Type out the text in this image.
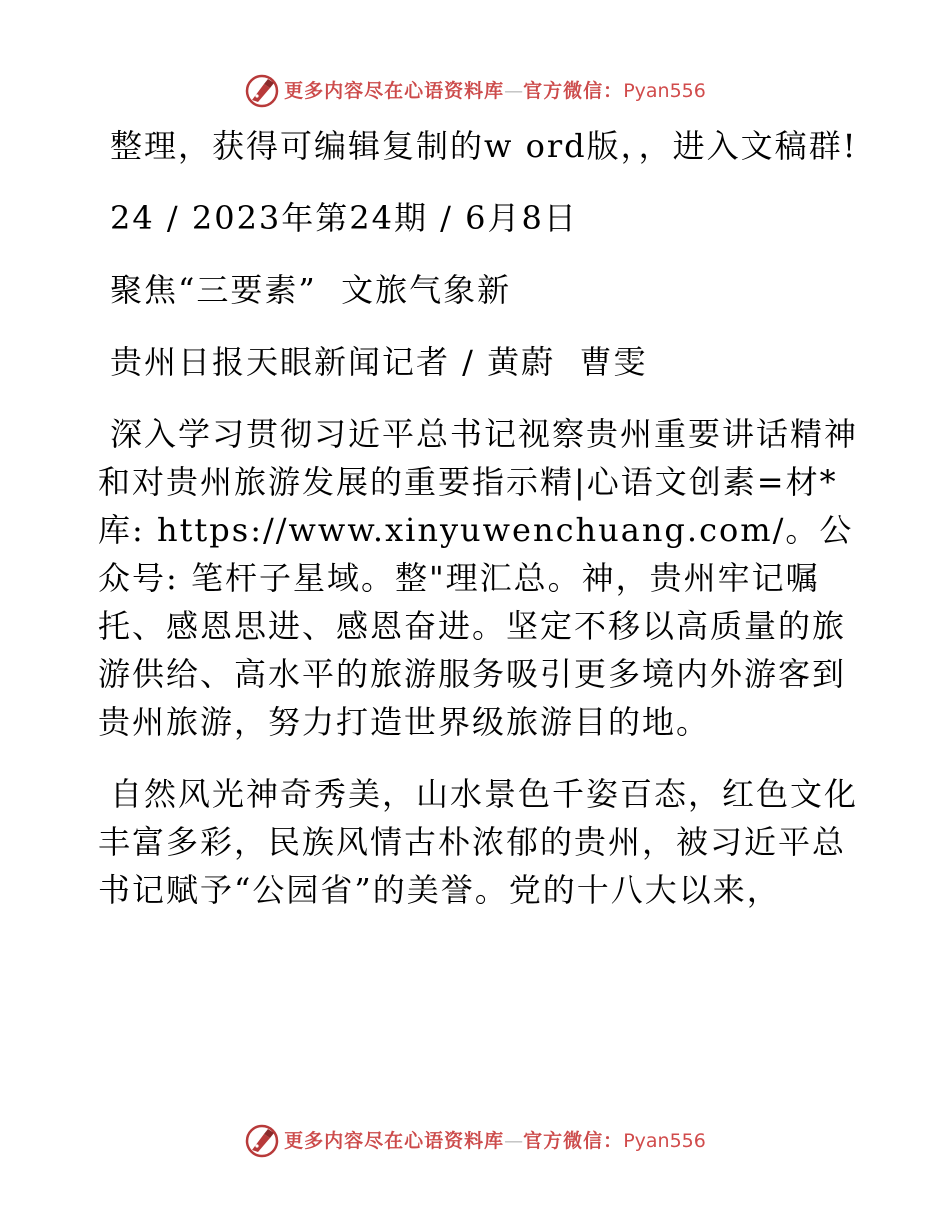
更多内容尽在心语资料库 — 官方微信： Pyan556

整理，获得可编辑复制的w ord版，，进入文稿群!

24 / 2023年第24期 / 6月8日

聚焦“三要素”  文旅气象新

贵州日报天眼新闻记者 / 黄蔚  曹雯

深入学习贯彻习近平总书记视察贵州重要讲话精神和对贵州旅游发展的重要指示精|心语文创素=材*库: https://www.xinyuwenchuang.com/。公众号: 笔杆子星域。整"理汇总。神，贵州牢记嘱托、感恩思进、感恩奋进。坚定不移以高质量的旅游供给、高水平的旅游服务吸引更多境内外游客到贵州旅游，努力打造世界级旅游目的地。

自然风光神奇秀美，山水景色千姿百态，红色文化丰富多彩，民族风情古朴浓郁的贵州，被习近平总书记赋予“公园省”的美誉。党的十八大以来，

更多内容尽在心语资料库 — 官方微信： Pyan556
